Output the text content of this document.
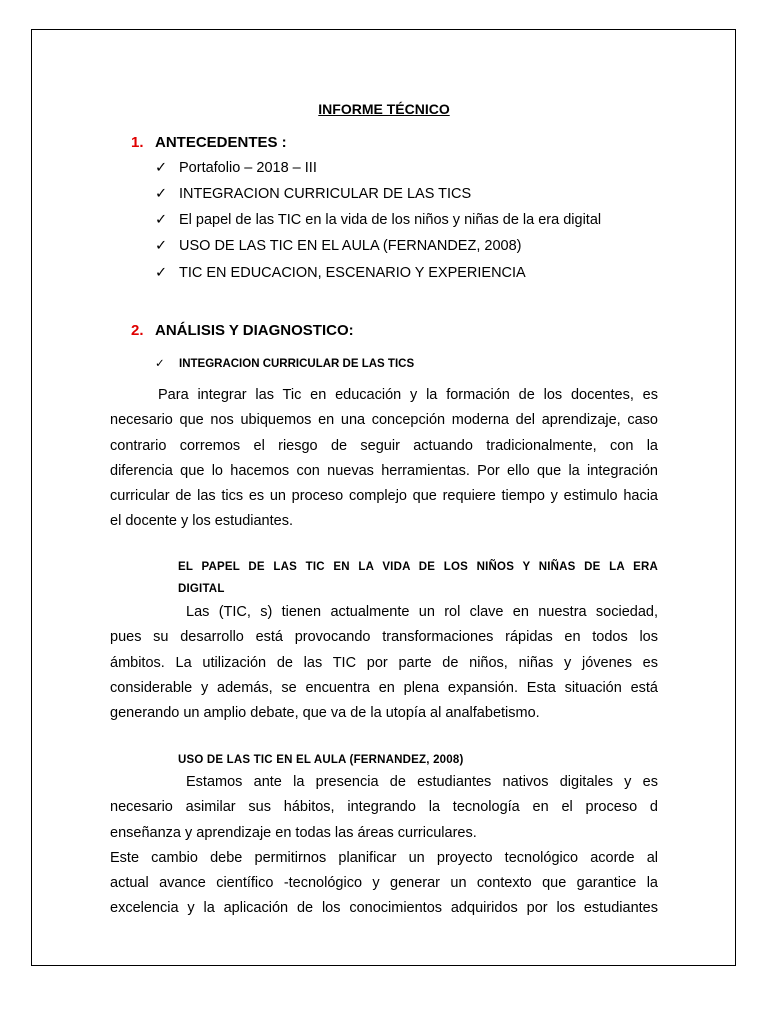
INFORME TÉCNICO
1. ANTECEDENTES :
✓ Portafolio – 2018 – III
✓ INTEGRACION CURRICULAR DE LAS TICS
✓ El papel de las TIC en la vida de los niños y niñas de la era digital
✓ USO DE LAS TIC EN EL AULA (FERNANDEZ, 2008)
✓ TIC EN EDUCACION, ESCENARIO Y EXPERIENCIA
2. ANÁLISIS Y DIAGNOSTICO:
✓ INTEGRACION CURRICULAR DE LAS TICS
Para integrar las Tic en educación y la formación de los docentes, es
necesario que nos ubiquemos en una concepción moderna del aprendizaje, caso
contrario corremos el riesgo de seguir actuando tradicionalmente, con la
diferencia que lo hacemos con nuevas herramientas. Por ello que la integración
curricular de las tics es un proceso complejo que requiere tiempo y estimulo hacia
el docente y los estudiantes.
EL PAPEL DE LAS TIC EN LA VIDA DE LOS NIÑOS Y NIÑAS DE LA ERA
DIGITAL
Las (TIC, s) tienen actualmente un rol clave en nuestra sociedad,
pues su desarrollo está provocando transformaciones rápidas en todos los
ámbitos. La utilización de las TIC por parte de niños, niñas y jóvenes es
considerable y además, se encuentra en plena expansión. Esta situación está
generando un amplio debate, que va de la utopía al analfabetismo.
USO DE LAS TIC EN EL AULA (FERNANDEZ, 2008)
Estamos ante la presencia de estudiantes nativos digitales y es
necesario asimilar sus hábitos, integrando la tecnología en el proceso d
enseñanza y aprendizaje en todas las áreas curriculares.
Este cambio debe permitirnos planificar un proyecto tecnológico acorde al
actual avance científico -tecnológico y generar un contexto que garantice la
excelencia y la aplicación de los conocimientos adquiridos por los estudiantes
